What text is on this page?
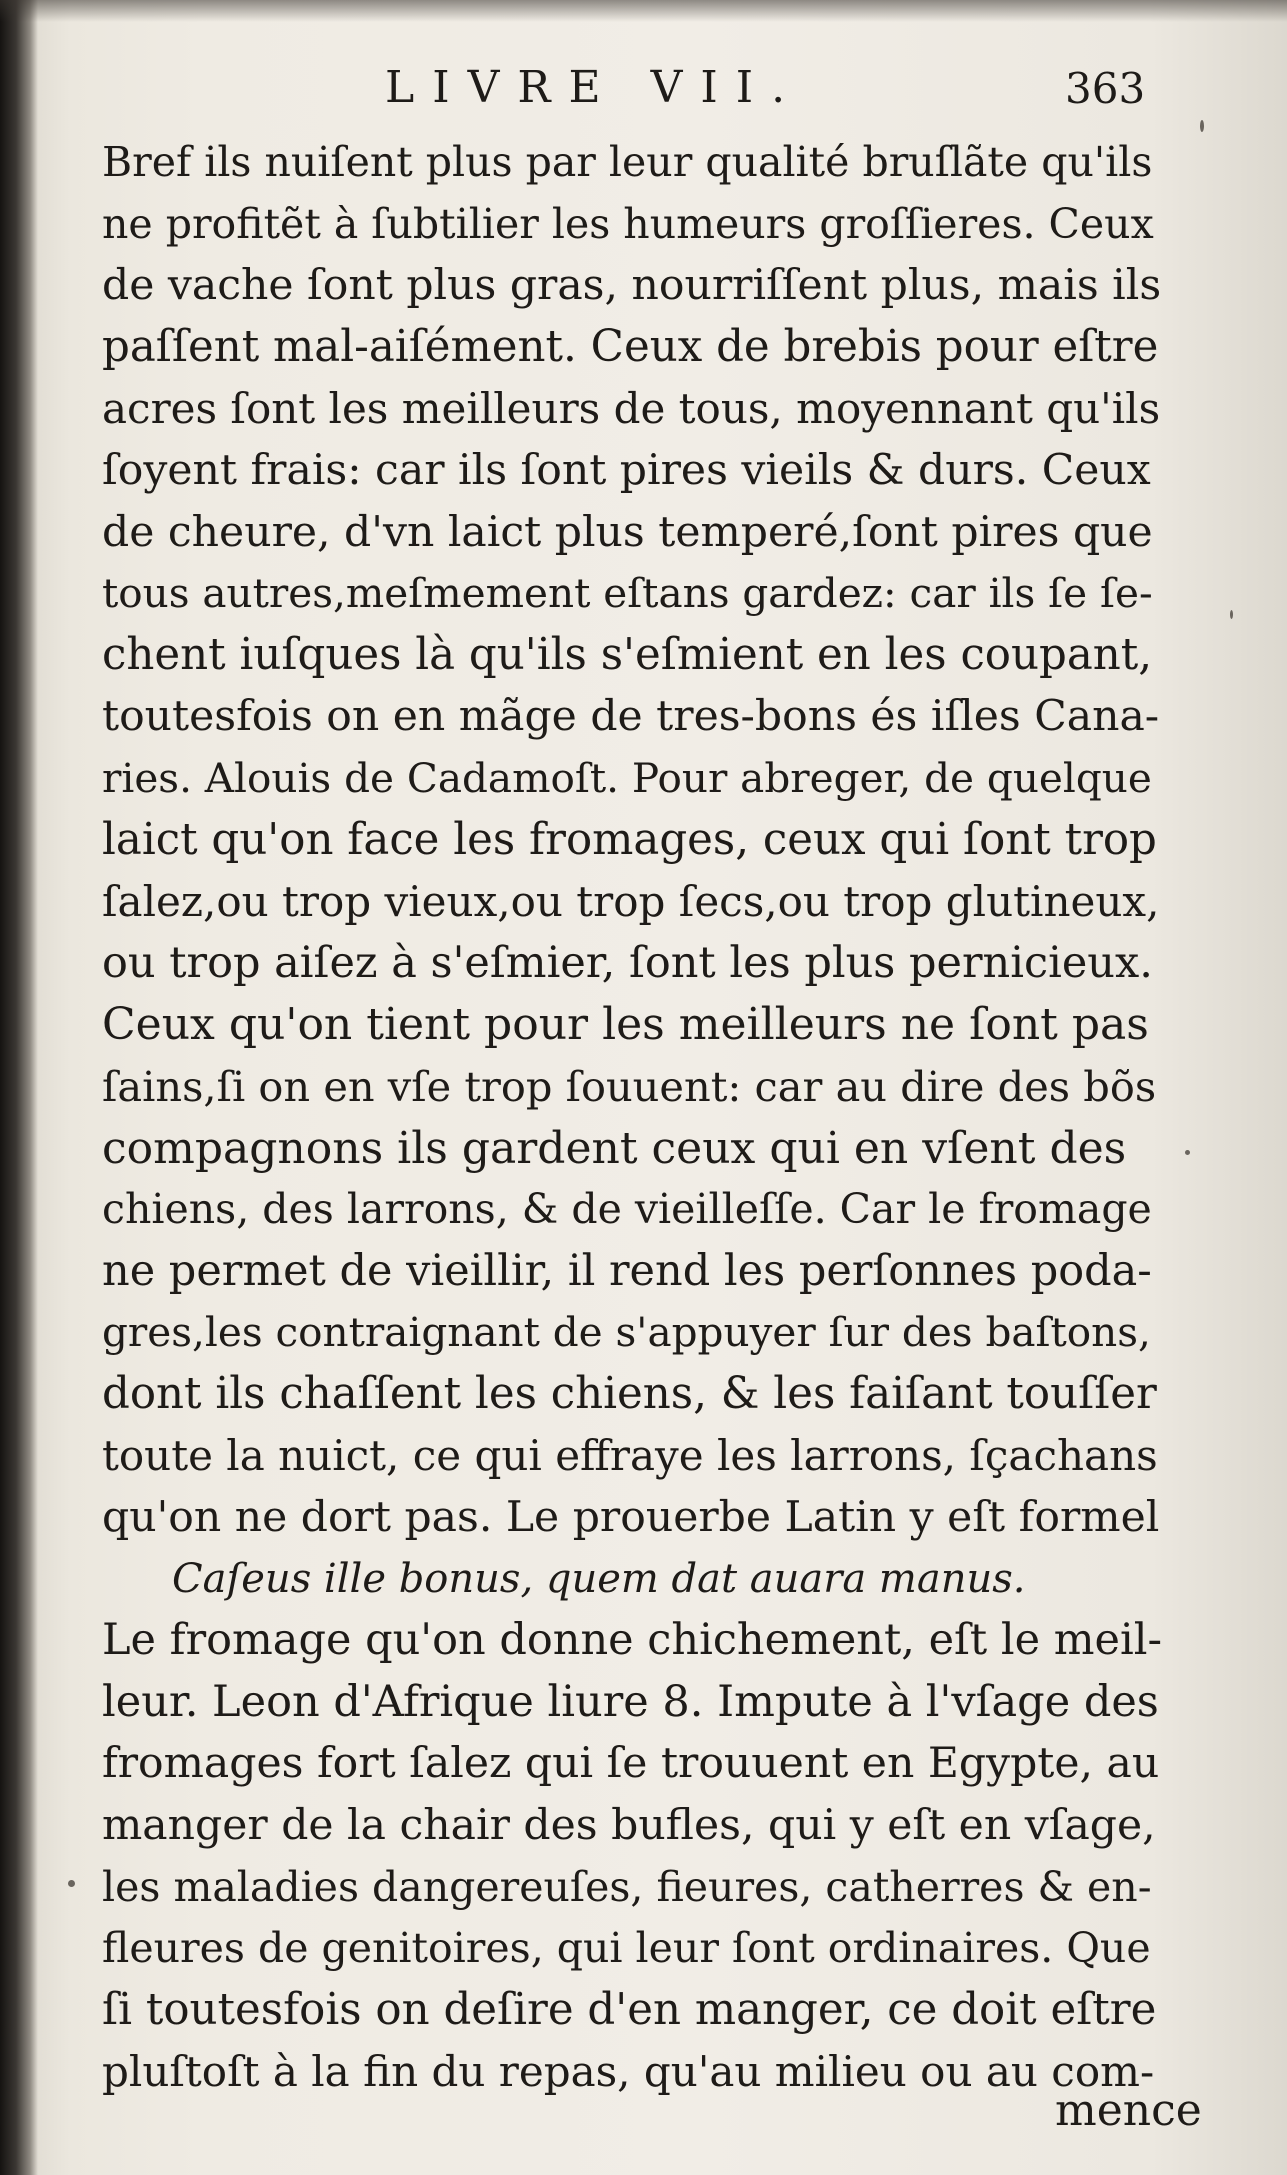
LIVRE VII.	363
Bref ils nuiſent plus par leur qualité bruſlãte qu'ils
ne profitẽt à ſubtilier les humeurs groſſieres. Ceux
de vache ſont plus gras, nourriſſent plus, mais ils
paſſent mal-aiſément. Ceux de brebis pour eſtre
acres ſont les meilleurs de tous, moyennant qu'ils
ſoyent frais: car ils ſont pires vieils & durs. Ceux
de cheure, d'vn laict plus temperé,ſont pires que
tous autres,meſmement eſtans gardez: car ils ſe ſe-
chent iuſques là qu'ils s'eſmient en les coupant,
toutesfois on en mãge de tres-bons és iſles Cana-
ries. Alouis de Cadamoſt. Pour abreger, de quelque
laict qu'on face les fromages, ceux qui ſont trop
ſalez,ou trop vieux,ou trop ſecs,ou trop glutineux,
ou trop aiſez à s'eſmier, ſont les plus pernicieux.
Ceux qu'on tient pour les meilleurs ne ſont pas
ſains,ſi on en vſe trop ſouuent: car au dire des bõs
compagnons ils gardent ceux qui en vſent des
chiens, des larrons, & de vieilleſſe. Car le fromage
ne permet de vieillir, il rend les perſonnes poda-
gres,les contraignant de s'appuyer ſur des baſtons,
dont ils chaſſent les chiens, & les faiſant touſſer
toute la nuict, ce qui effraye les larrons, ſçachans
qu'on ne dort pas. Le prouerbe Latin y eſt formel
Caſeus ille bonus, quem dat auara manus.
Le fromage qu'on donne chichement, eſt le meil-
leur. Leon d'Afrique liure 8. Impute à l'vſage des
fromages fort ſalez qui ſe trouuent en Egypte, au
manger de la chair des bufles, qui y eſt en vſage,
les maladies dangereuſes, fieures, catherres & en-
fleures de genitoires, qui leur ſont ordinaires. Que
ſi toutesfois on deſire d'en manger, ce doit eſtre
pluſtoſt à la fin du repas, qu'au milieu ou au com-
mence
